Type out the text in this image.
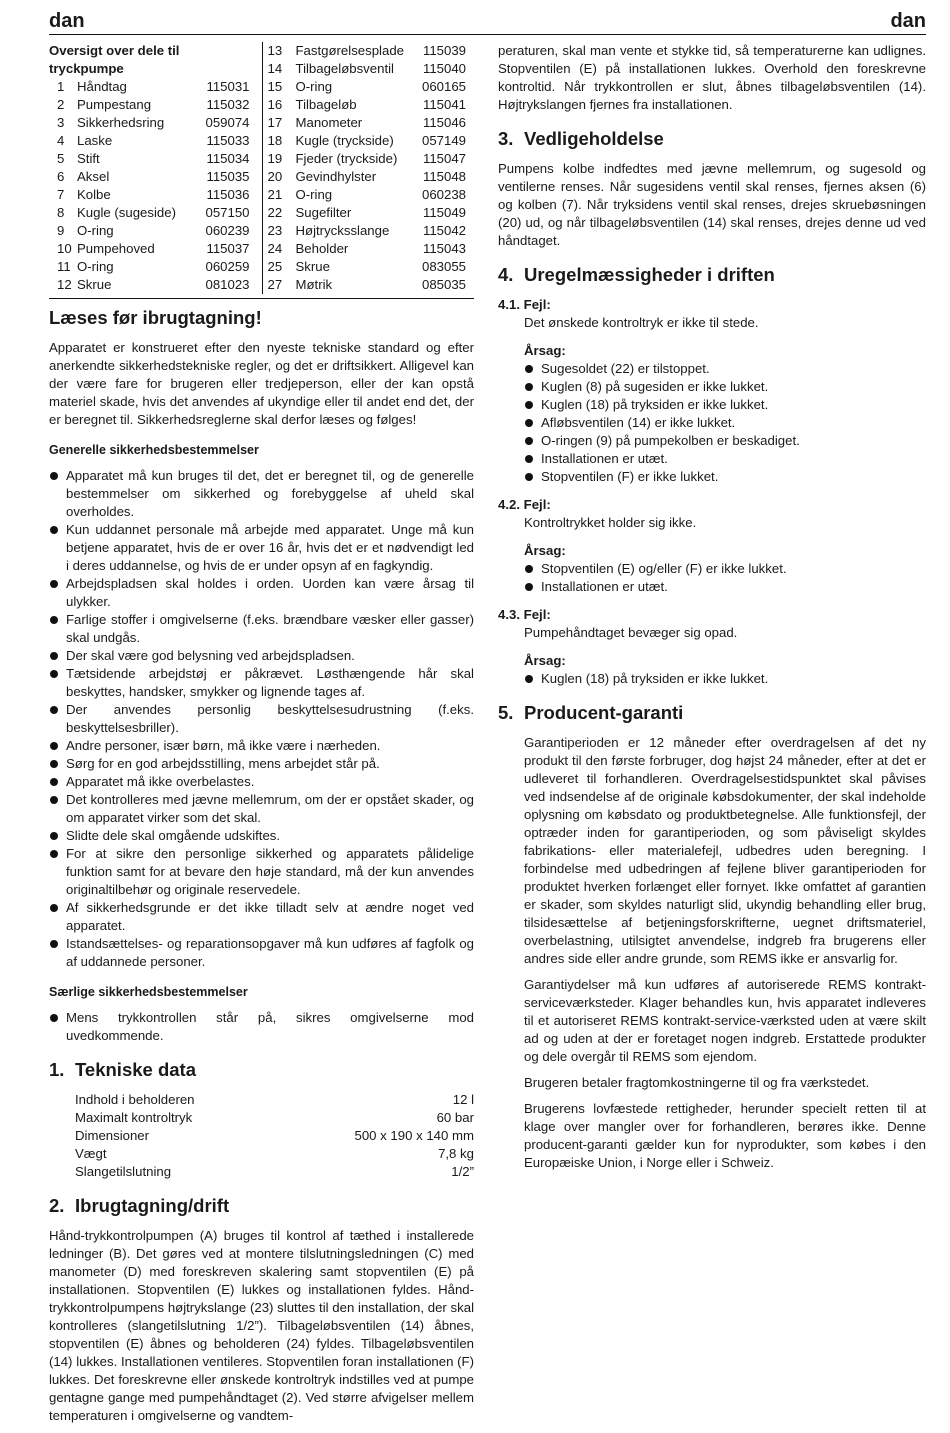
dan	dan
Oversigt over dele til tryckpumpe
1 Håndtag	115031
2 Pumpestang	115032
3 Sikkerhedsring	059074
4 Laske	115033
5 Stift	115034
6 Aksel	115035
7 Kolbe	115036
8 Kugle (sugeside)	057150
9 O-ring	060239
10 Pumpehoved	115037
11 O-ring	060259
12 Skrue	081023
13	Fastgørelsesplade	115039
14	Tilbageløbsventil	115040
15	O-ring	060165
16	Tilbageløb	115041
17	Manometer	115046
18	Kugle (tryckside)	057149
19	Fjeder (tryckside)	115047
20	Gevindhylster	115048
21	O-ring	060238
22	Sugefilter	115049
23	Højtrycksslange	115042
24	Beholder	115043
25	Skrue	083055
27	Møtrik	085035
Læses før ibrugtagning!

Apparatet er konstrueret efter den nyeste tekniske standard og efter anerkendte sikkerhedstekniske regler, og det er driftsikkert. Alligevel kan der være fare for brugeren eller tredjeperson, eller der kan opstå materiel skade, hvis det anvendes af ukyndige eller til andet end det, der er beregnet til. Sikkerhedsreglerne skal derfor læses og følges!

Generelle sikkerhedsbestemmelser
Apparatet må kun bruges til det, det er beregnet til, og de generelle bestemmelser om sikkerhed og forebyggelse af uheld skal overholdes.
Kun uddannet personale må arbejde med apparatet. Unge må kun betjene apparatet, hvis de er over 16 år, hvis det er et nødvendigt led i deres uddannelse, og hvis de er under opsyn af en fagkyndig.
Arbejdspladsen skal holdes i orden. Uorden kan være årsag til ulykker.
Farlige stoffer i omgivelserne (f.eks. brændbare væsker eller gasser) skal undgås.
Der skal være god belysning ved arbejdspladsen.
Tætsidende arbejdstøj er påkrævet. Løsthængende hår skal beskyttes, handsker, smykker og lignende tages af.
Der anvendes personlig beskyttelsesudrustning (f.eks. beskyttelsesbriller).
Andre personer, især børn, må ikke være i nærheden.
Sørg for en god arbejdsstilling, mens arbejdet står på.
Apparatet må ikke overbelastes.
Det kontrolleres med jævne mellemrum, om der er opstået skader, og om apparatet virker som det skal.
Slidte dele skal omgående udskiftes.
For at sikre den personlige sikkerhed og apparatets pålidelige funktion samt for at bevare den høje standard, må der kun anvendes originaltilbehør og originale reservedele.
Af sikkerhedsgrunde er det ikke tilladt selv at ændre noget ved apparatet.
Istandsættelses- og reparationsopgaver må kun udføres af fagfolk og af uddannede personer.
Særlige sikkerhedsbestemmelser
Mens trykkontrollen står på, sikres omgivelserne mod uvedkommende.
1. Tekniske data
Indhold i beholderen	12 l
Maximalt kontroltryk	60 bar
Dimensioner	500 x 190 x 140 mm
Vægt	7,8 kg
Slangetilslutning	1/2”
2. Ibrugtagning/drift

Hånd-trykkontrolpumpen (A) bruges til kontrol af tæthed i installerede ledninger (B). Det gøres ved at montere tilslutningsledningen (C) med manometer (D) med foreskreven skalering samt stopventilen (E) på installationen. Stopventilen (E) lukkes og installationen fyldes. Hånd-trykkontrolpumpens højtrykslange (23) sluttes til den installation, der skal kontrolleres (slangetilslutning 1/2”). Tilbageløbsventilen (14) åbnes, stopventilen (E) åbnes og beholderen (24) fyldes. Tilbageløbsventilen (14) lukkes. Installationen ventileres. Stopventilen foran installationen (F) lukkes. Det foreskrevne eller ønskede kontroltryk indstilles ved at pumpe gentagne gange med pumpehåndtaget (2). Ved større afvigelser mellem temperaturen i omgivelserne og vandtem-

peraturen, skal man vente et stykke tid, så temperaturerne kan udlignes. Stopventilen (E) på installationen lukkes. Overhold den foreskrevne kontroltid. Når trykkontrollen er slut, åbnes tilbageløbsventilen (14). Højtrykslangen fjernes fra installationen.

3. Vedligeholdelse

Pumpens kolbe indfedtes med jævne mellemrum, og sugesold og ventilerne renses. Når sugesidens ventil skal renses, fjernes aksen (6) og kolben (7). Når tryksidens ventil skal renses, drejes skruebøsningen (20) ud, og når tilbageløbsventilen (14) skal renses, drejes denne ud ved håndtaget.

4. Uregelmæssigheder i driften
4.1. Fejl:
Det ønskede kontroltryk er ikke til stede.
Årsag:
Sugesoldet (22) er tilstoppet.
Kuglen (8) på sugesiden er ikke lukket.
Kuglen (18) på tryksiden er ikke lukket.
Afløbsventilen (14) er ikke lukket.
O-ringen (9) på pumpekolben er beskadiget.
Installationen er utæt.
Stopventilen (F) er ikke lukket.
4.2. Fejl:
Kontroltrykket holder sig ikke.
Årsag:
Stopventilen (E) og/eller (F) er ikke lukket.
Installationen er utæt.
4.3. Fejl:
Pumpehåndtaget bevæger sig opad.
Årsag:
Kuglen (18) på tryksiden er ikke lukket.
5. Producent-garanti

Garantiperioden er 12 måneder efter overdragelsen af det ny produkt til den første forbruger, dog højst 24 måneder, efter at det er udleveret til forhandleren. Overdragelsestidspunktet skal påvises ved indsendelse af de originale købsdokumenter, der skal indeholde oplysning om købsdato og produktbetegnelse. Alle funktionsfejl, der optræder inden for garantiperioden, og som påviseligt skyldes fabrikations- eller materialefejl, udbedres uden beregning. I forbindelse med udbedringen af fejlene bliver garantiperioden for produktet hverken forlænget eller fornyet. Ikke omfattet af garantien er skader, som skyldes naturligt slid, ukyndig behandling eller brug, tilsidesættelse af betjeningsforskrifterne, uegnet driftsmateriel, overbelastning, utilsigtet anvendelse, indgreb fra brugerens eller andres side eller andre grunde, som REMS ikke er ansvarlig for.

Garantiydelser må kun udføres af autoriserede REMS kontrakt-serviceværksteder. Klager behandles kun, hvis apparatet indleveres til et autoriseret REMS kontrakt-service-værksted uden at være skilt ad og uden at der er foretaget nogen indgreb. Erstattede produkter og dele overgår til REMS som ejendom.

Brugeren betaler fragtomkostningerne til og fra værkstedet.

Brugerens lovfæstede rettigheder, herunder specielt retten til at klage over mangler over for forhandleren, berøres ikke. Denne producent-garanti gælder kun for nyprodukter, som købes i den Europæiske Union, i Norge eller i Schweiz.
